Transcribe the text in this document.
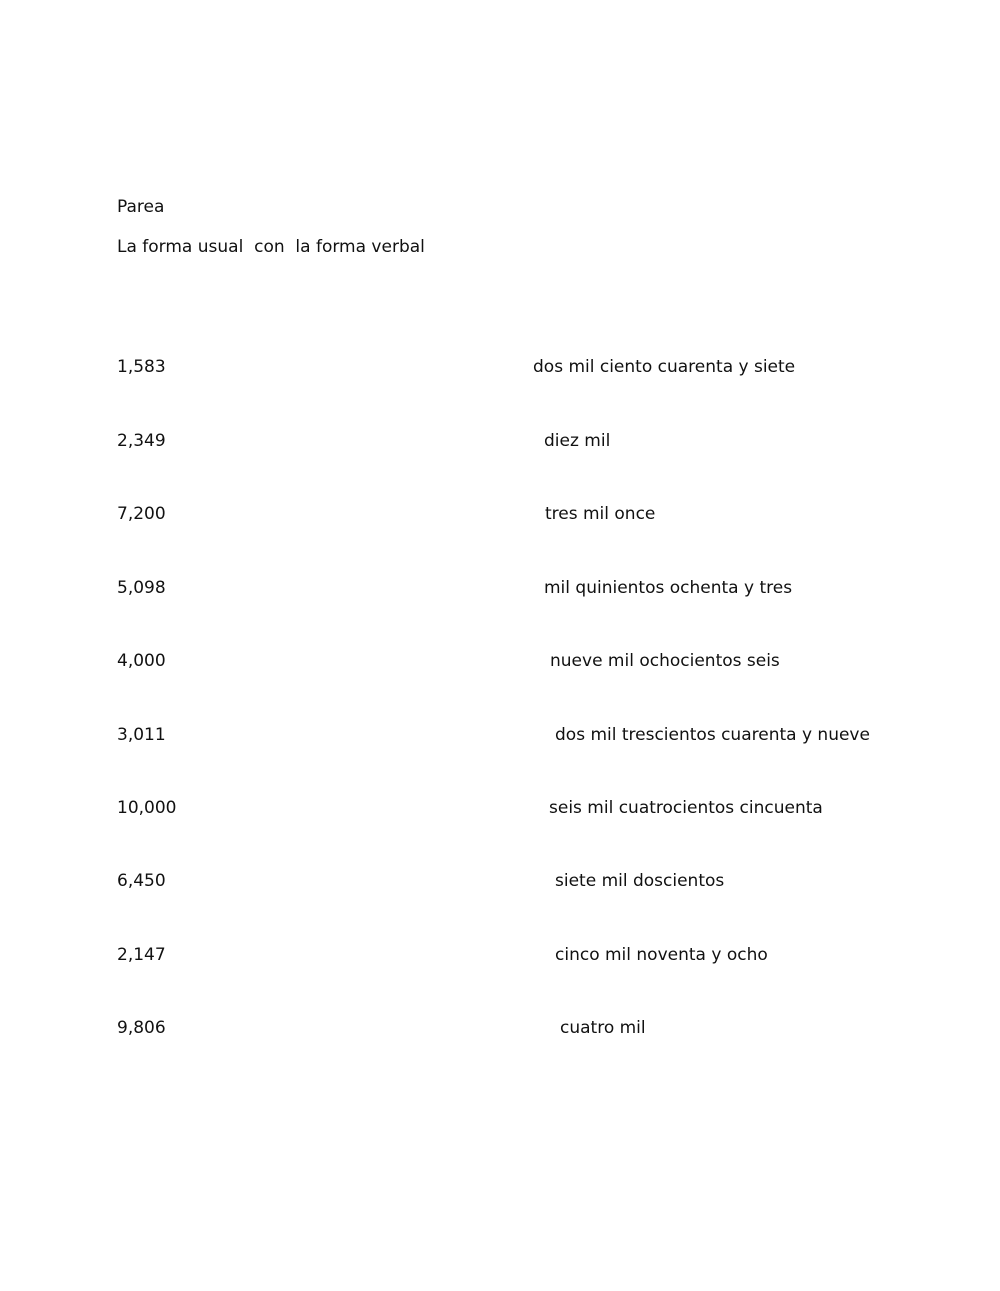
Parea
La forma usual  con  la forma verbal
1,583	dos mil ciento cuarenta y siete
2,349	diez mil
7,200	tres mil once
5,098	mil quinientos ochenta y tres
4,000	nueve mil ochocientos seis
3,011	dos mil trescientos cuarenta y nueve
10,000	seis mil cuatrocientos cincuenta
6,450	siete mil doscientos
2,147	cinco mil noventa y ocho
9,806	cuatro mil
